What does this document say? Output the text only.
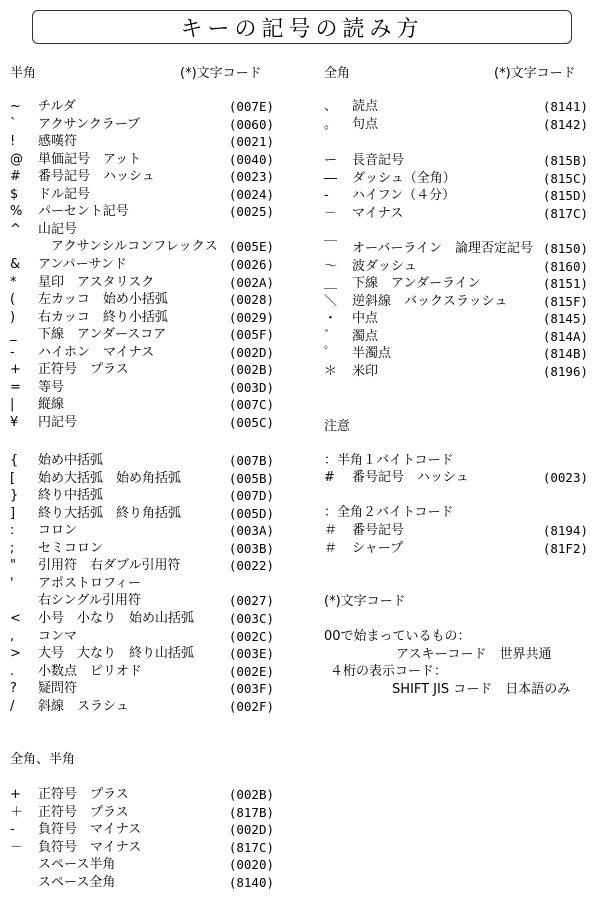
キーの記号の読み方
半角	(*)文字コード	全角	(*)文字コード
~	チルダ	(007E)
`	アクサンクラーブ	(0060)
!	感嘆符	(0021)
@	単価記号　アット	(0040)
#	番号記号　ハッシュ	(0023)
$	ドル記号	(0024)
%	パーセント記号	(0025)
^	山記号
　アクサンシルコンフレックス (005E)
&	アンパーサンド	(0026)
*	星印　アスタリスク	(002A)
(	左カッコ　始め小括弧	(0028)
)	右カッコ　終り小括弧	(0029)
_	下線　アンダースコア	(005F)
-	ハイホン　マイナス	(002D)
+	正符号　プラス	(002B)
=	等号	(003D)
|	縦線	(007C)
¥	円記号	(005C)
{	始め中括弧	(007B)
[	始め大括弧　始め角括弧	(005B)
}	終り中括弧	(007D)
]	終り大括弧　終り角括弧	(005D)
:	コロン	(003A)
;	セミコロン	(003B)
"	引用符　右ダブル引用符	(0022)
'	アポストロフィー
右シングル引用符	(0027)
<	小号　小なり　始め山括弧	(003C)
,	コンマ	(002C)
>	大号　大なり　終り山括弧	(003E)
.	小数点　ピリオド	(002E)
?	疑問符	(003F)
/	斜線　スラシュ	(002F)
、	読点	(8141)
。	句点	(8142)
ー	長音記号	(815B)
―	ダッシュ（全角）	(815C)
‐	ハイフン（４分）	(815D)
－	マイナス	(817C)
￣	オーバーライン　論理否定記号 (8150)
～	波ダッシュ	(8160)
＿	下線　アンダーライン	(8151)
＼	逆斜線　バックスラッシュ	(815F)
・	中点	(8145)
゛	濁点	(814A)
゜	半濁点	(814B)
＊	米印	(8196)
注意
：半角１バイトコード
#	番号記号　ハッシュ	(0023)
：全角２バイトコード
＃	番号記号	(8194)
＃	シャープ	(81F2)
(*)文字コード
00で始まっているもの：
アスキーコード　世界共通
４桁の表示コード：
SHIFT JIS コード　日本語のみ
全角、半角
+	正符号　プラス	(002B)
＋	正符号　プラス	(817B)
-	負符号　マイナス	(002D)
－	負符号　マイナス	(817C)
スペース半角	(0020)
スペース全角	(8140)
